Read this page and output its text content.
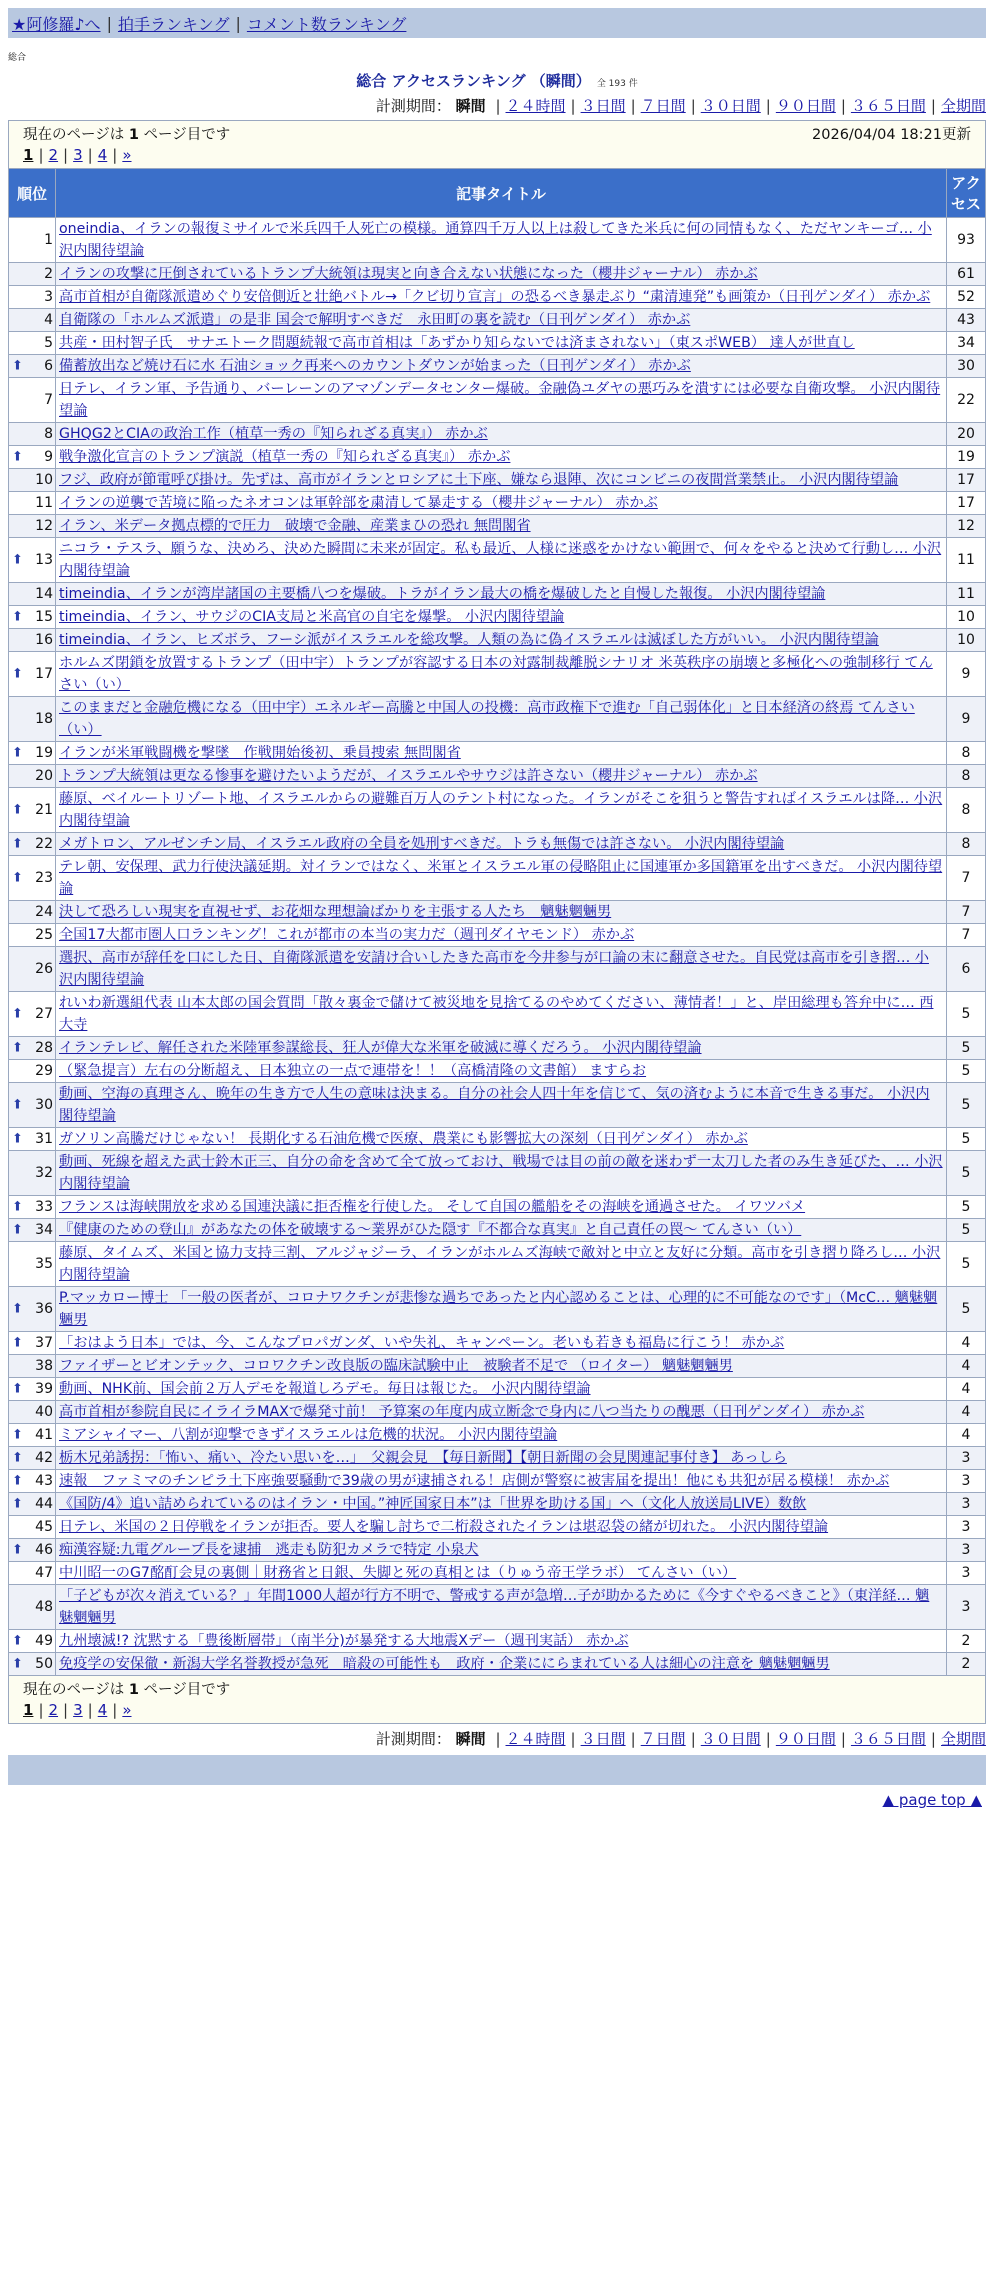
★阿修羅♪へ | 拍手ランキング | コメント数ランキング
総合
総合 アクセスランキング （瞬間） 全 193 件
計測期間： 瞬間 | ２４時間 | ３日間 | ７日間 | ３０日間 | ９０日間 | ３６５日間 | 全期間
現在のページは 1 ページ目です 2026/04/04 18:21更新
1 | 2 | 3 | 4 | »		

順位	記事タイトル	アクセス
1	oneindia、イランの報復ミサイルで米兵四千人死亡の模様。通算四千万人以上は殺してきた米兵に何の同情もなく、ただヤンキーゴ… 小沢内閣待望論	93
2	イランの攻撃に圧倒されているトランプ大統領は現実と向き合えない状態になった（櫻井ジャーナル） 赤かぶ	61
3	高市首相が自衛隊派遣めぐり安倍側近と壮絶バトル→「クビ切り宣言」の恐るべき暴走ぶり “粛清連発”も画策か（日刊ゲンダイ） 赤かぶ	52
4	自衛隊の「ホルムズ派遣」の是非 国会で解明すべきだ　永田町の裏を読む（日刊ゲンダイ） 赤かぶ	43
5	共産・田村智子氏　サナエトーク問題続報で高市首相は「あずかり知らないでは済まされない」（東スポWEB） 達人が世直し	34

⬆ 6	備蓄放出など焼け石に水 石油ショック再来へのカウントダウンが始まった（日刊ゲンダイ） 赤かぶ	30
7	日テレ、イラン軍、予告通り、バーレーンのアマゾンデータセンター爆破。金融偽ユダヤの悪巧みを潰すには必要な自衛攻撃。 小沢内閣待望論	22
8	GHQG2とCIAの政治工作（植草一秀の『知られざる真実』） 赤かぶ	20

⬆ 9	戦争激化宣言のトランプ演説（植草一秀の『知られざる真実』） 赤かぶ	19
10	フジ、政府が節電呼び掛け。先ずは、高市がイランとロシアに土下座、嫌なら退陣、次にコンビニの夜間営業禁止。 小沢内閣待望論	17
11	イランの逆襲で苦境に陥ったネオコンは軍幹部を粛清して暴走する（櫻井ジャーナル） 赤かぶ	17
12	イラン、米データ拠点標的で圧力　破壊で金融、産業まひの恐れ 無問閣省	12

⬆ 13	ニコラ・テスラ、願うな、決めろ、決めた瞬間に未来が固定。私も最近、人様に迷惑をかけない範囲で、何々をやると決めて行動し… 小沢内閣待望論	11
14	timeindia、イランが湾岸諸国の主要橋八つを爆破。トラがイラン最大の橋を爆破したと自慢した報復。 小沢内閣待望論	11

⬆ 15	timeindia、イラン、サウジのCIA支局と米高官の自宅を爆撃。 小沢内閣待望論	10
16	timeindia、イラン、ヒズボラ、フーシ派がイスラエルを総攻撃。人類の為に偽イスラエルは滅ぼした方がいい。 小沢内閣待望論	10

⬆ 17	ホルムズ閉鎖を放置するトランプ（田中宇）トランプが容認する日本の対露制裁離脱シナリオ 米英秩序の崩壊と多極化への強制移行 てんさい（い）	9
18	このままだと金融危機になる（田中宇）エネルギー高騰と中国人の投機：高市政権下で進む「自己弱体化」と日本経済の終焉 てんさい（い）	9

⬆ 19	イランが米軍戦闘機を撃墜　作戦開始後初、乗員捜索 無問閣省	8
20	トランプ大統領は更なる惨事を避けたいようだが、イスラエルやサウジは許さない（櫻井ジャーナル） 赤かぶ	8

⬆ 21	藤原、ベイルートリゾート地、イスラエルからの避難百万人のテント村になった。イランがそこを狙うと警告すればイスラエルは降… 小沢内閣待望論	8

⬆ 22	メガトロン、アルゼンチン局、イスラエル政府の全員を処刑すべきだ。トラも無傷では許さない。 小沢内閣待望論	8

⬆ 23	テレ朝、安保理、武力行使決議延期。対イランではなく、米軍とイスラエル軍の侵略阻止に国連軍か多国籍軍を出すべきだ。 小沢内閣待望論	7
24	決して恐ろしい現実を直視せず、お花畑な理想論ばかりを主張する人たち　魑魅魍魎男	7
25	全国17大都市圏人口ランキング！これが都市の本当の実力だ（週刊ダイヤモンド） 赤かぶ	7
26	選択、高市が辞任を口にした日、自衛隊派遣を安請け合いしたきた高市を今井参与が口論の末に翻意させた。自民党は高市を引き摺… 小沢内閣待望論	6

⬆ 27	れいわ新選組代表 山本太郎の国会質問「散々裏金で儲けて被災地を見捨てるのやめてください、薄情者！」と、岸田総理も答弁中に… 西大寺	5

⬆ 28	イランテレビ、解任された米陸軍参謀総長、狂人が偉大な米軍を破滅に導くだろう。 小沢内閣待望論	5
29	（緊急提言）左右の分断超え、日本独立の一点で連帯を！！（高橋清隆の文書館） ますらお	5

⬆ 30	動画、空海の真理さん、晩年の生き方で人生の意味は決まる。自分の社会人四十年を信じて、気の済むように本音で生きる事だ。 小沢内閣待望論	5

⬆ 31	ガソリン高騰だけじゃない！ 長期化する石油危機で医療、農業にも影響拡大の深刻（日刊ゲンダイ） 赤かぶ	5
32	動画、死線を超えた武士鈴木正三、自分の命を含めて全て放っておけ、戦場では目の前の敵を迷わず一太刀した者のみ生き延びた、… 小沢内閣待望論	5

⬆ 33	フランスは海峡開放を求める国連決議に拒否権を行使した。 そして自国の艦船をその海峡を通過させた。 イワツバメ	5

⬆ 34	『健康のための登山』があなたの体を破壊する～業界がひた隠す『不都合な真実』と自己責任の罠～ てんさい（い）	5
35	藤原、タイムズ、米国と協力支持三割、アルジャジーラ、イランがホルムズ海峡で敵対と中立と友好に分類。高市を引き摺り降ろし… 小沢内閣待望論	5

⬆ 36	P.マッカロー博士 「一般の医者が、コロナワクチンが悲惨な過ちであったと内心認めることは、心理的に不可能なのです」（McC… 魑魅魍魎男	5

⬆ 37	「おはよう日本」では、今、こんなプロパガンダ、いや失礼、キャンペーン。老いも若きも福島に行こう！ 赤かぶ	4
38	ファイザーとビオンテック、コロワクチン改良版の臨床試験中止　被験者不足で （ロイター） 魑魅魍魎男	4

⬆ 39	動画、NHK前、国会前２万人デモを報道しろデモ。毎日は報じた。 小沢内閣待望論	4
40	高市首相が参院自民にイライラMAXで爆発寸前！ 予算案の年度内成立断念で身内に八つ当たりの醜悪（日刊ゲンダイ） 赤かぶ	4

⬆ 41	ミアシャイマー、八割が迎撃できずイスラエルは危機的状況。 小沢内閣待望論	4

⬆ 42	栃木兄弟誘拐：「怖い、痛い、冷たい思いを…」　父親会見　【毎日新聞】【朝日新聞の会見関連記事付き】 あっしら	3

⬆ 43	速報　ファミマのチンピラ土下座強要騒動で39歳の男が逮捕される！店側が警察に被害届を提出！他にも共犯が居る模様！ 赤かぶ	3

⬆ 44	《国防/4》追い詰められているのはイラン・中国。”神匠国家日本”は「世界を助ける国」へ（文化人放送局LIVE）数飲	3
45	日テレ、米国の２日停戦をイランが拒否。要人を騙し討ちで二桁殺されたイランは堪忍袋の緒が切れた。 小沢内閣待望論	3

⬆ 46	痴漢容疑:九電グループ長を逮捕　逃走も防犯カメラで特定 小泉犬	3
47	中川昭一のG7酩酊会見の裏側｜財務省と日銀、失脚と死の真相とは（りゅう帝王学ラボ） てんさい（い）	3
48	「子どもが次々消えている？」年間1000人超が行方不明で、警戒する声が急増…子が助かるために《今すぐやるべきこと》（東洋経… 魑魅魍魎男	3

⬆ 49	九州壊滅!? 沈黙する「豊後断層帯」（南半分)が暴発する大地震Xデー（週刊実話） 赤かぶ	2

⬆ 50	免疫学の安保徹・新潟大学名誉教授が急死　暗殺の可能性も　政府・企業ににらまれている人は細心の注意を 魑魅魍魎男	2

現在のページは 1 ページ目です
1 | 2 | 3 | 4 | »		
計測期間： 瞬間 | ２４時間 | ３日間 | ７日間 | ３０日間 | ９０日間 | ３６５日間 | 全期間
▲ page top ▲
